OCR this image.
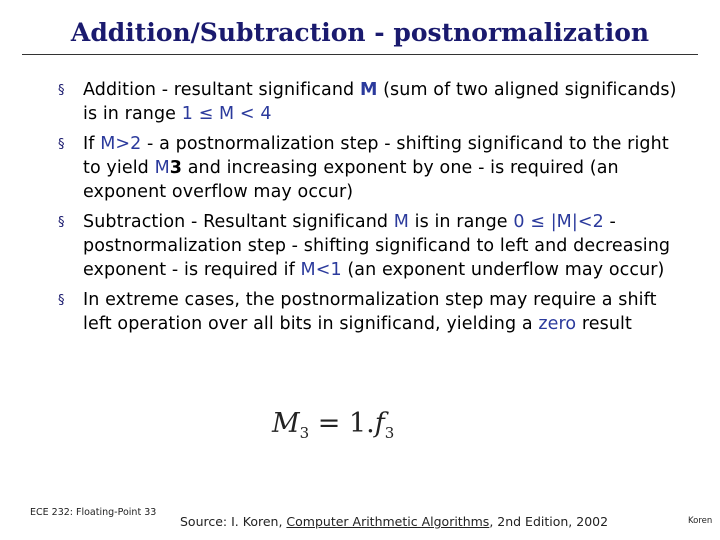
Addition/Subtraction - postnormalization
§ Addition - resultant significand M (sum of two aligned significands) is in range 1 ≤ M < 4
§ If M>2 - a postnormalization step - shifting significand to the right to yield M3 and increasing exponent by one - is required (an exponent overflow may occur)
§ Subtraction - Resultant significand M is in range 0 ≤ |M|<2 - postnormalization step - shifting significand to left and decreasing exponent - is required if M<1 (an exponent underflow may occur)
§ In extreme cases, the postnormalization step may require a shift left operation over all bits in significand, yielding a zero result
$M_3 = 1.f_3$
ECE 232: Floating-Point 33
Source: I. Koren, Computer Arithmetic Algorithms, 2nd Edition, 2002	Koren
